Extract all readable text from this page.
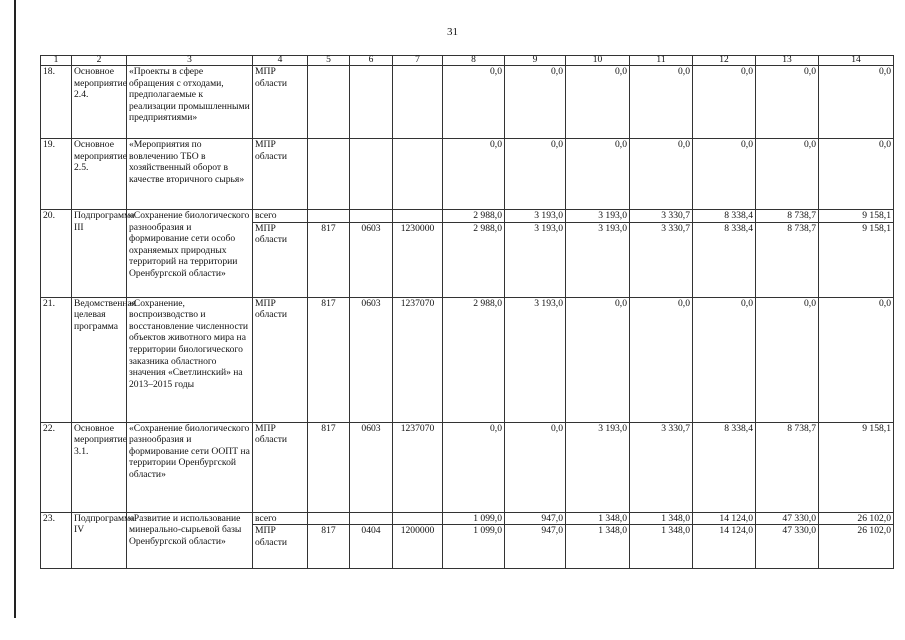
31
1	2	3	4	5	6	7	8	9	10	11	12	13	14
18.	Основное мероприятие 2.4.	«Проекты в сфере обращения с отходами, предполагаемые к реализации промышленными предприятиями»	МПР области				0,0	0,0	0,0	0,0	0,0	0,0	0,0
19.	Основное мероприятие 2.5.	«Мероприятия по вовлечению ТБО в хозяйственный оборот в качестве вторичного сырья»	МПР области				0,0	0,0	0,0	0,0	0,0	0,0	0,0
20.	Подпрограмма III	«Сохранение биологического разнообразия и формирование сети особо охраняемых природных территорий на территории Оренбургской области»	всего				2 988,0	3 193,0	3 193,0	3 330,7	8 338,4	8 738,7	9 158,1
			МПР области	817	0603	1230000	2 988,0	3 193,0	3 193,0	3 330,7	8 338,4	8 738,7	9 158,1
21.	Ведомственная целевая программа	«Сохранение, воспроизводство и восстановление численности объектов животного мира на территории биологического заказника областного значения «Светлинский» на 2013–2015 годы	МПР области	817	0603	1237070	2 988,0	3 193,0	0,0	0,0	0,0	0,0	0,0
22.	Основное мероприятие 3.1.	«Сохранение биологического разнообразия и формирование сети ООПТ на территории Оренбургской области»	МПР области	817	0603	1237070	0,0	0,0	3 193,0	3 330,7	8 338,4	8 738,7	9 158,1
23.	Подпрограмма IV	«Развитие и использование минерально-сырьевой базы Оренбургской области»	всего				1 099,0	947,0	1 348,0	1 348,0	14 124,0	47 330,0	26 102,0
			МПР области	817	0404	1200000	1 099,0	947,0	1 348,0	1 348,0	14 124,0	47 330,0	26 102,0
